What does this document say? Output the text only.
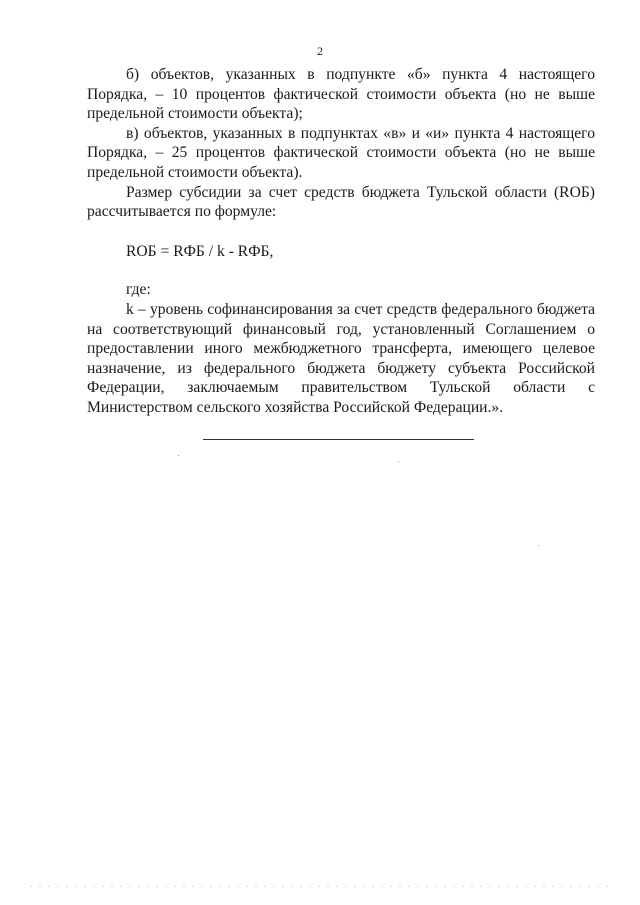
2

б) объектов, указанных в подпункте «б» пункта 4 настоящего Порядка, – 10 процентов фактической стоимости объекта (но не выше предельной стоимости объекта);

в) объектов, указанных в подпунктах «в» и «и» пункта 4 настоящего Порядка, – 25 процентов фактической стоимости объекта (но не выше предельной стоимости объекта).

Размер субсидии за счет средств бюджета Тульской области (RОБ) рассчитывается по формуле:

RОБ = RФБ / k - RФБ,

где:

k – уровень софинансирования за счет средств федерального бюджета на соответствующий финансовый год, установленный Соглашением о предоставлении иного межбюджетного трансферта, имеющего целевое назначение, из федерального бюджета бюджету субъекта Российской Федерации, заключаемым правительством Тульской области с Министерством сельского хозяйства Российской Федерации.».
